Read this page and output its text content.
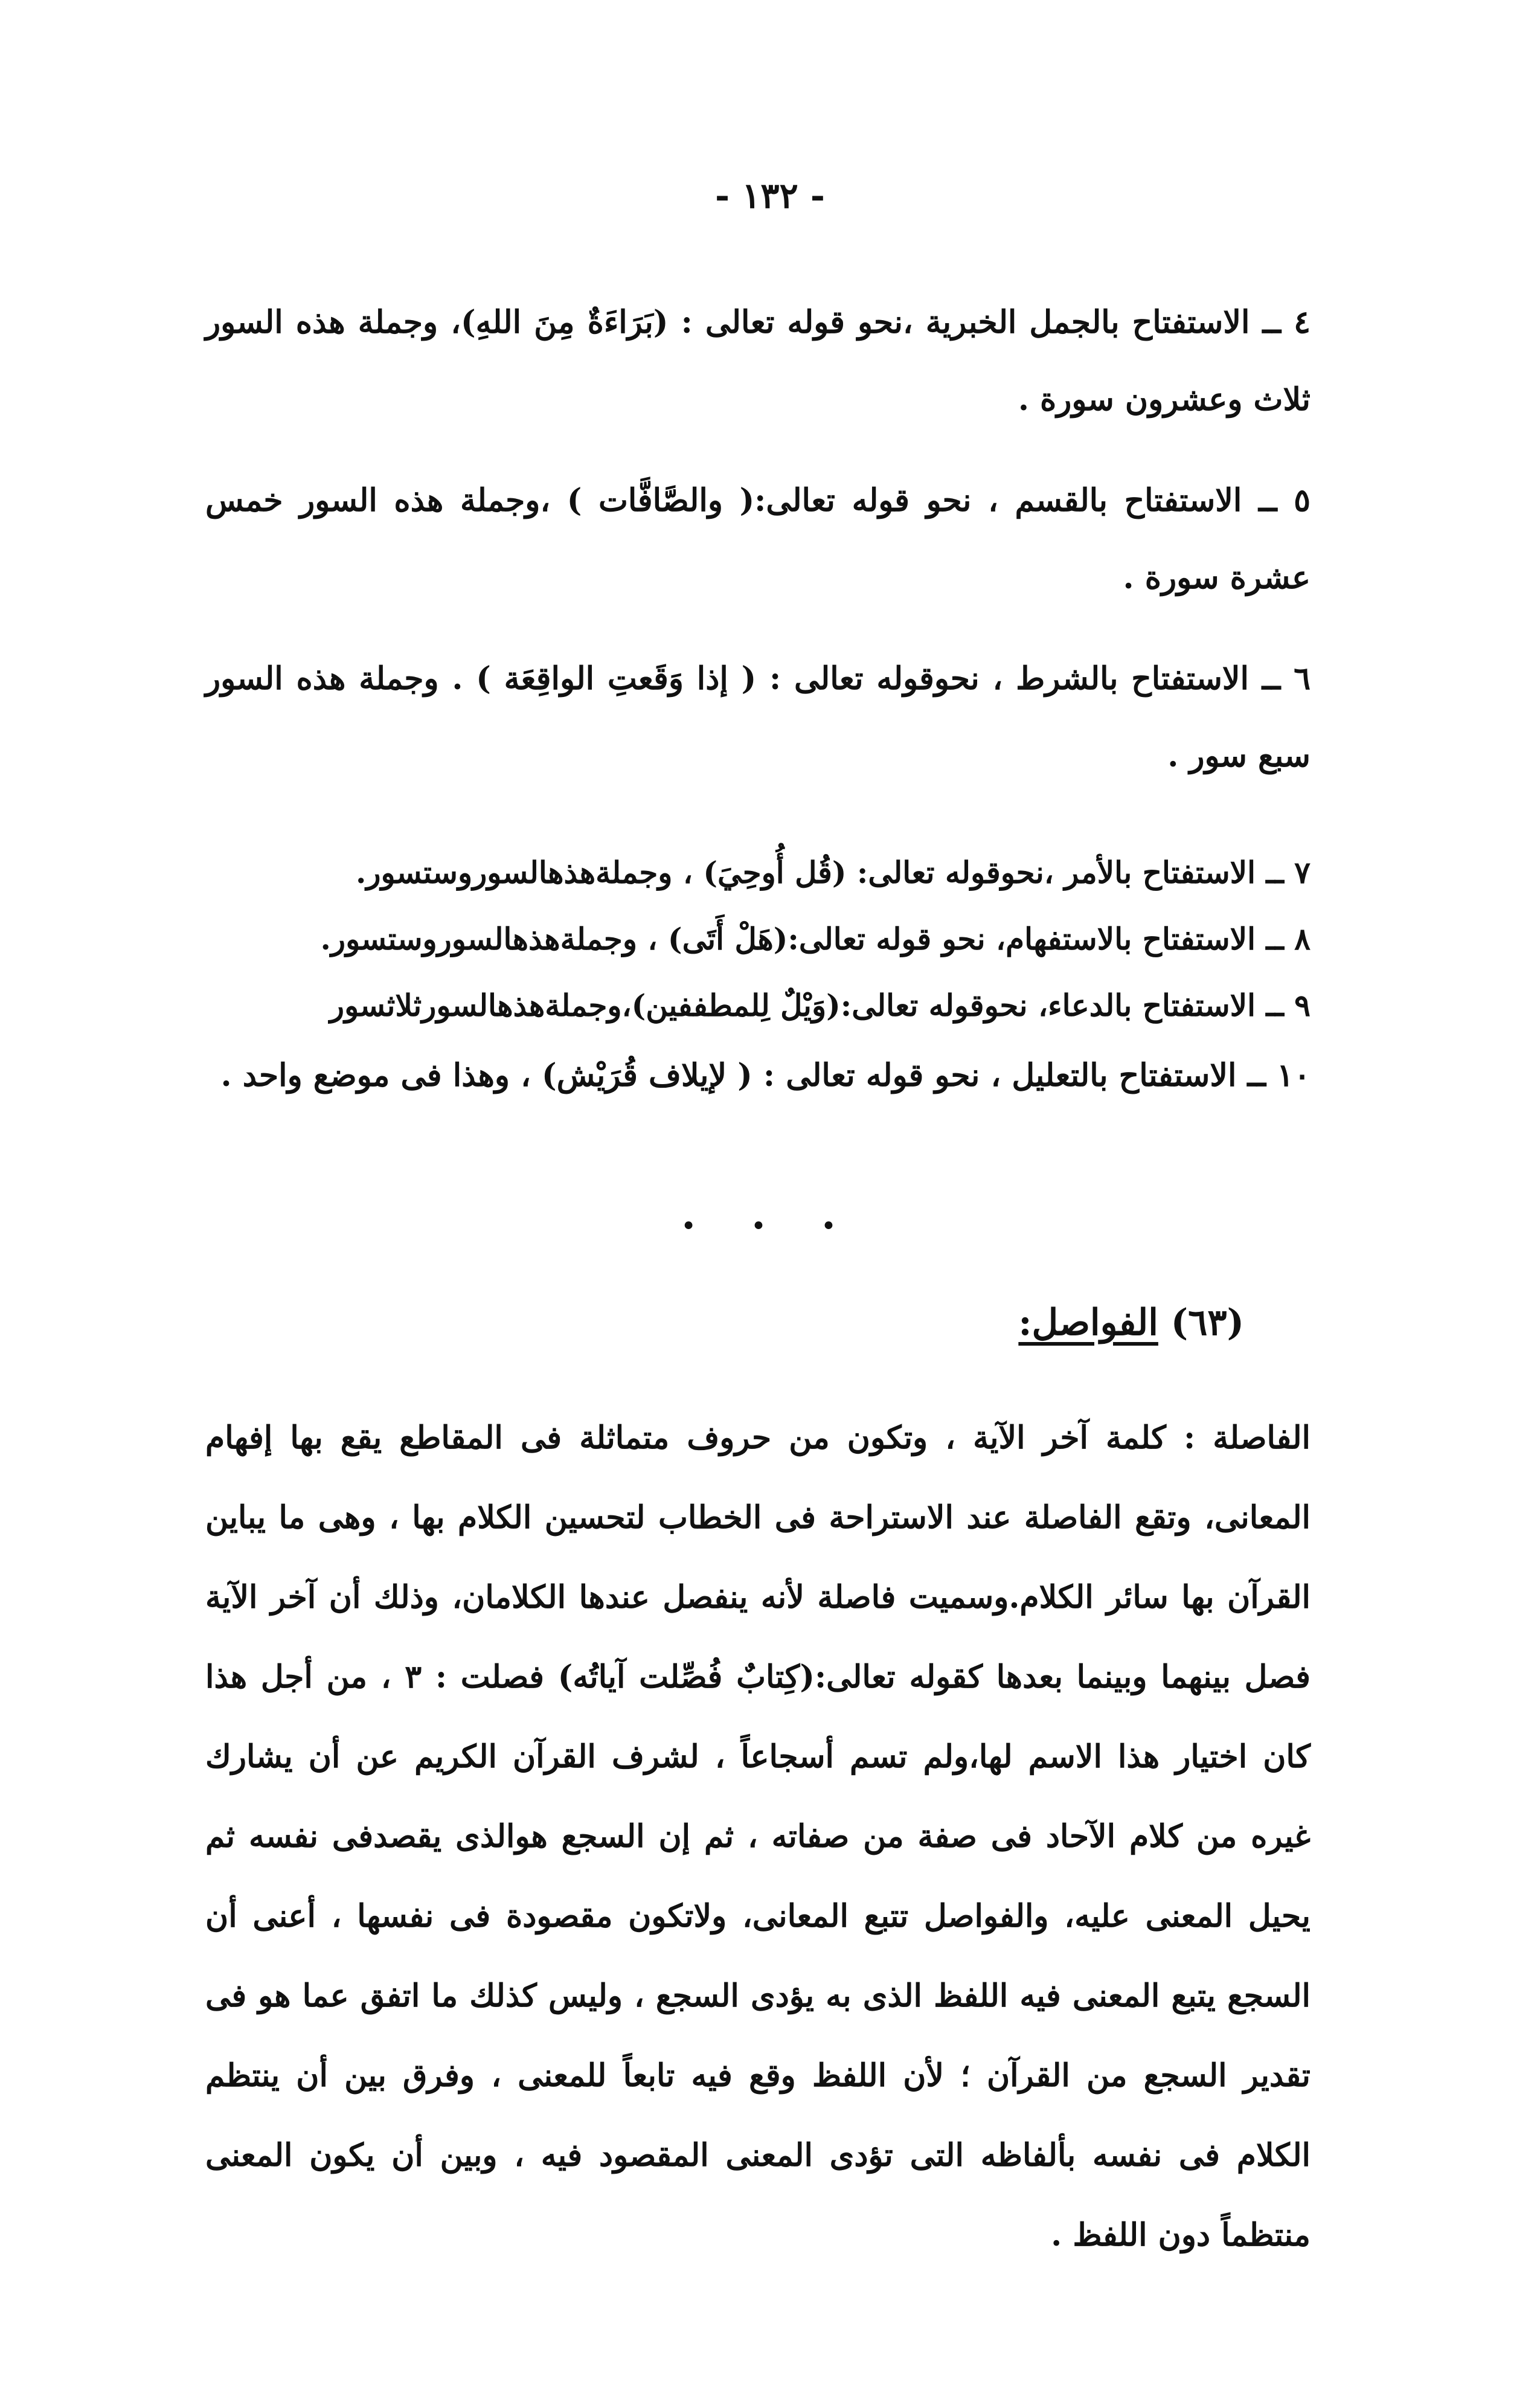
- ١٣٢ -
٤ ــ الاستفتاح بالجمل الخبرية ،نحو قوله تعالى : (بَرَاءَةٌ مِنَ اللهِ)، وجملة هذه السور ثلاث وعشرون سورة .
٥ ــ الاستفتاح بالقسم ، نحو قوله تعالى:( والصَّافَّات ) ،وجملة هذه السور خمس عشرة سورة .
٦ ــ الاستفتاح بالشرط ، نحوقوله تعالى : ( إذا وَقَعتِ الواقِعَة ) . وجملة هذه السور سبع سور .
٧ ــ الاستفتاح بالأمر ،نحوقوله تعالى: (قُل أُوحِيَ) ، وجملةهذهالسوروستسور.
٨ ــ الاستفتاح بالاستفهام، نحو قوله تعالى:(هَلْ أَتَى) ، وجملةهذهالسوروستسور.
٩ ــ الاستفتاح بالدعاء، نحوقوله تعالى:(وَيْلٌ لِلمطففين)،وجملةهذهالسورثلاثسور
١٠ ــ الاستفتاح بالتعليل ، نحو قوله تعالى : ( لإيلاف قُرَيْش) ، وهذا فى موضع واحد .
• • •
(٦٣) الفواصل:
الفاصلة : كلمة آخر الآية ، وتكون من حروف متماثلة فى المقاطع يقع بها إفهام المعانى، وتقع الفاصلة عند الاستراحة فى الخطاب لتحسين الكلام بها ، وهى ما يباين القرآن بها سائر الكلام.وسميت فاصلة لأنه ينفصل عندها الكلامان، وذلك أن آخر الآية فصل بينهما وبينما بعدها كقوله تعالى:(كِتابٌ فُصِّلت آياتُه) فصلت : ٣ ، من أجل هذا كان اختيار هذا الاسم لها،ولم تسم أسجاعاً ، لشرف القرآن الكريم عن أن يشارك غيره من كلام الآحاد فى صفة من صفاته ، ثم إن السجع هوالذى يقصدفى نفسه ثم يحيل المعنى عليه، والفواصل تتبع المعانى، ولاتكون مقصودة فى نفسها ، أعنى أن السجع يتبع المعنى فيه اللفظ الذى به يؤدى السجع ، وليس كذلك ما اتفق عما هو فى تقدير السجع من القرآن ؛ لأن اللفظ وقع فيه تابعاً للمعنى ، وفرق بين أن ينتظم الكلام فى نفسه بألفاظه التى تؤدى المعنى المقصود فيه ، وبين أن يكون المعنى منتظماً دون اللفظ .
